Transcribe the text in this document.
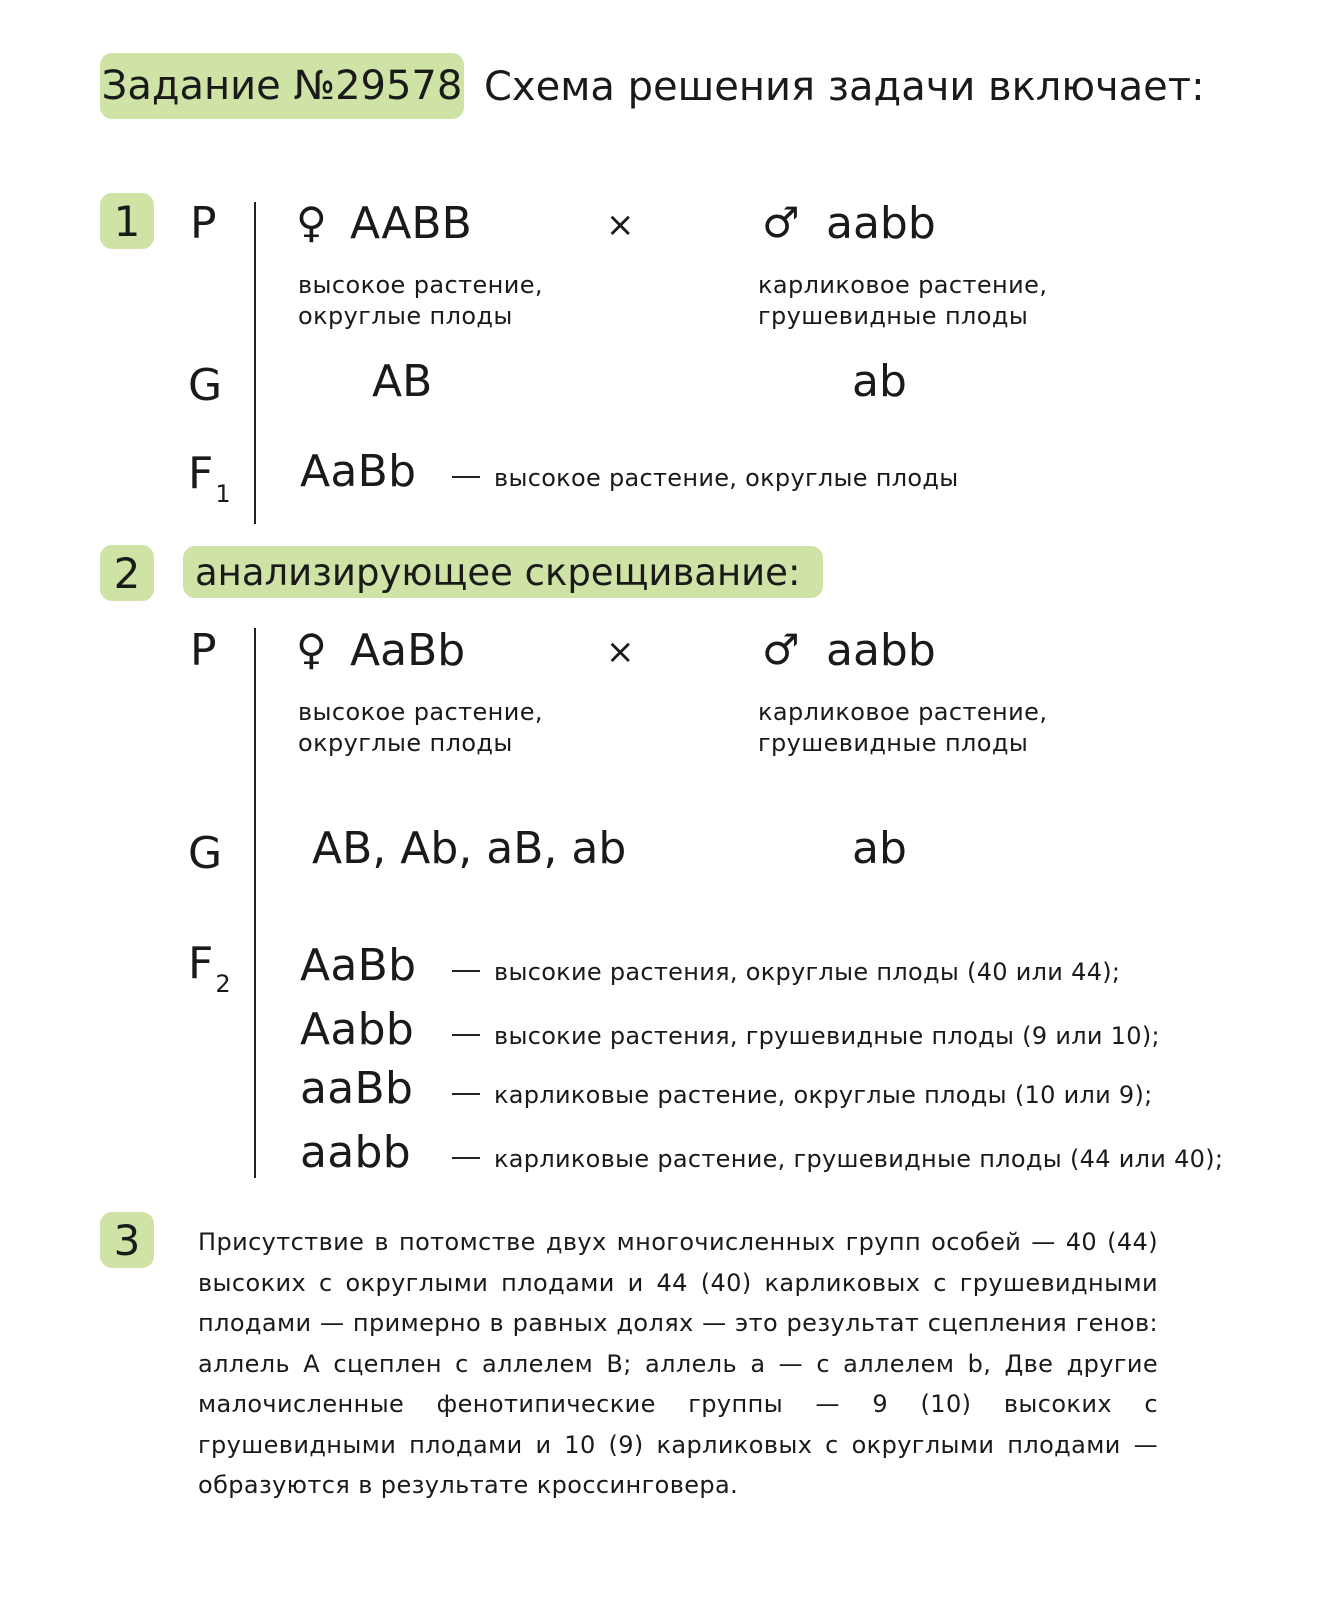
Задание №29578 Схема решения задачи включает:
1 P ♀ AABB	×	♂ aabb
высокое растение,
округлые плоды
карликовое растение,
грушевидные плоды
G	AB	ab
$F_1$ AaBb	высокое растение, округлые плоды
2 анализирующее скрещивание:
P ♀ AaBb	×	♂ aabb
высокое растение,
округлые плоды
карликовое растение,
грушевидные плоды
G AB, Ab, aB, ab	ab
$F_2$ AaBb	высокие растения, округлые плоды (40 или 44);
Aabb	высокие растения, грушевидные плоды (9 или 10);
aaBb	карликовые растение, округлые плоды (10 или 9);
aabb	карликовые растение, грушевидные плоды (44 или 40);
3 Присутствие в потомстве двух многочисленных групп особей — 40 (44) высоких с округлыми плодами и 44 (40) карликовых с грушевидными плодами — примерно в равных долях — это результат сцепления генов: аллель А сцеплен с аллелем В; аллель а — с аллелем b, Две другие малочисленные фенотипические группы — 9 (10) высоких с грушевидными плодами и 10 (9) карликовых с округлыми плодами — образуются в результате кроссинговера.
